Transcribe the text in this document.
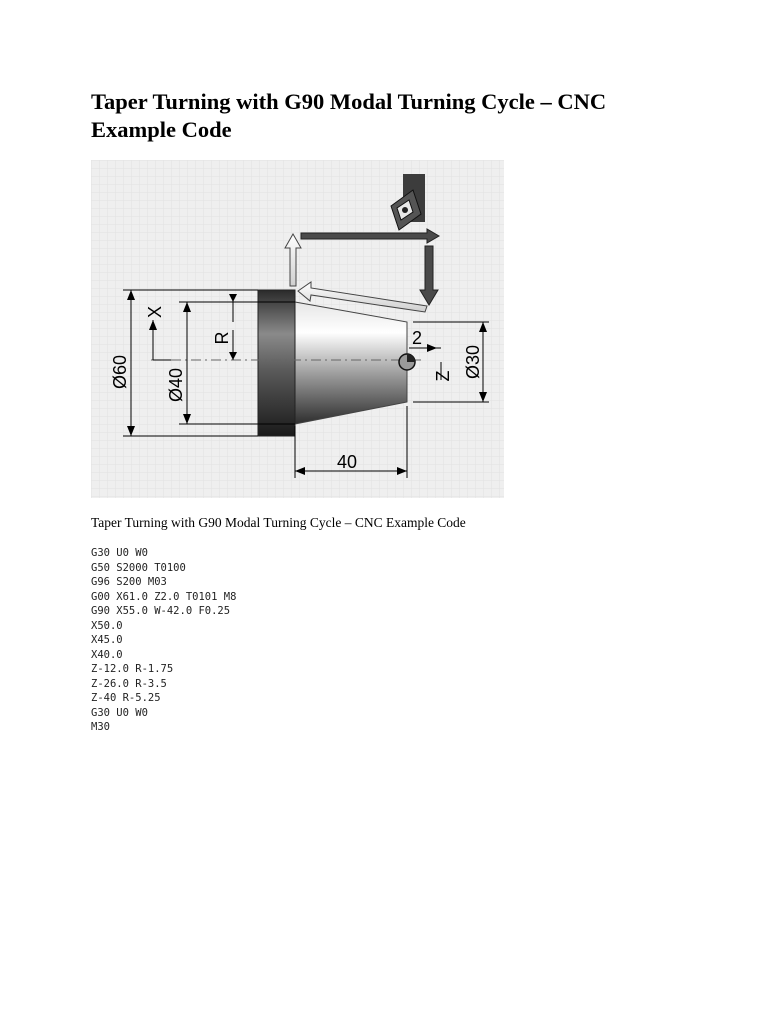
Taper Turning with G90 Modal Turning Cycle – CNC Example Code
Ø60 Ø40
Ø30
X
R
Z
2
40
Taper Turning with G90 Modal Turning Cycle – CNC Example Code
G30 U0 W0
G50 S2000 T0100
G96 S200 M03
G00 X61.0 Z2.0 T0101 M8
G90 X55.0 W-42.0 F0.25
X50.0
X45.0
X40.0
Z-12.0 R-1.75
Z-26.0 R-3.5
Z-40 R-5.25
G30 U0 W0
M30
